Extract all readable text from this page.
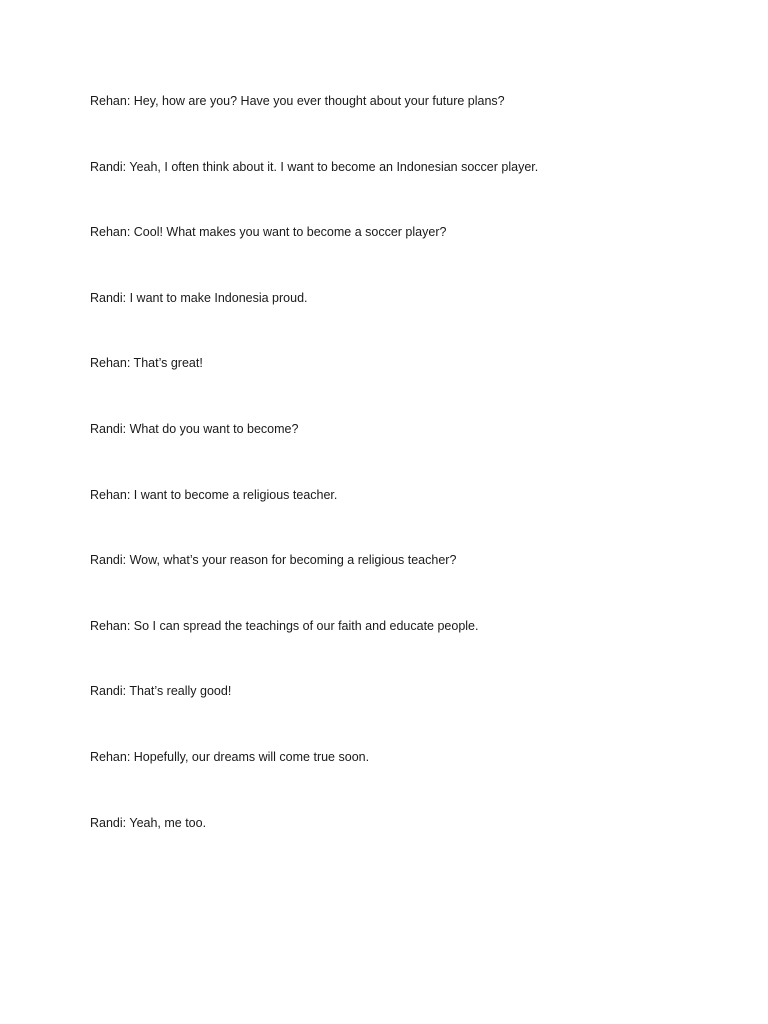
Rehan: Hey, how are you? Have you ever thought about your future plans?
Randi: Yeah, I often think about it. I want to become an Indonesian soccer player.
Rehan: Cool! What makes you want to become a soccer player?
Randi: I want to make Indonesia proud.
Rehan: That’s great!
Randi: What do you want to become?
Rehan: I want to become a religious teacher.
Randi: Wow, what’s your reason for becoming a religious teacher?
Rehan: So I can spread the teachings of our faith and educate people.
Randi: That’s really good!
Rehan: Hopefully, our dreams will come true soon.
Randi: Yeah, me too.
